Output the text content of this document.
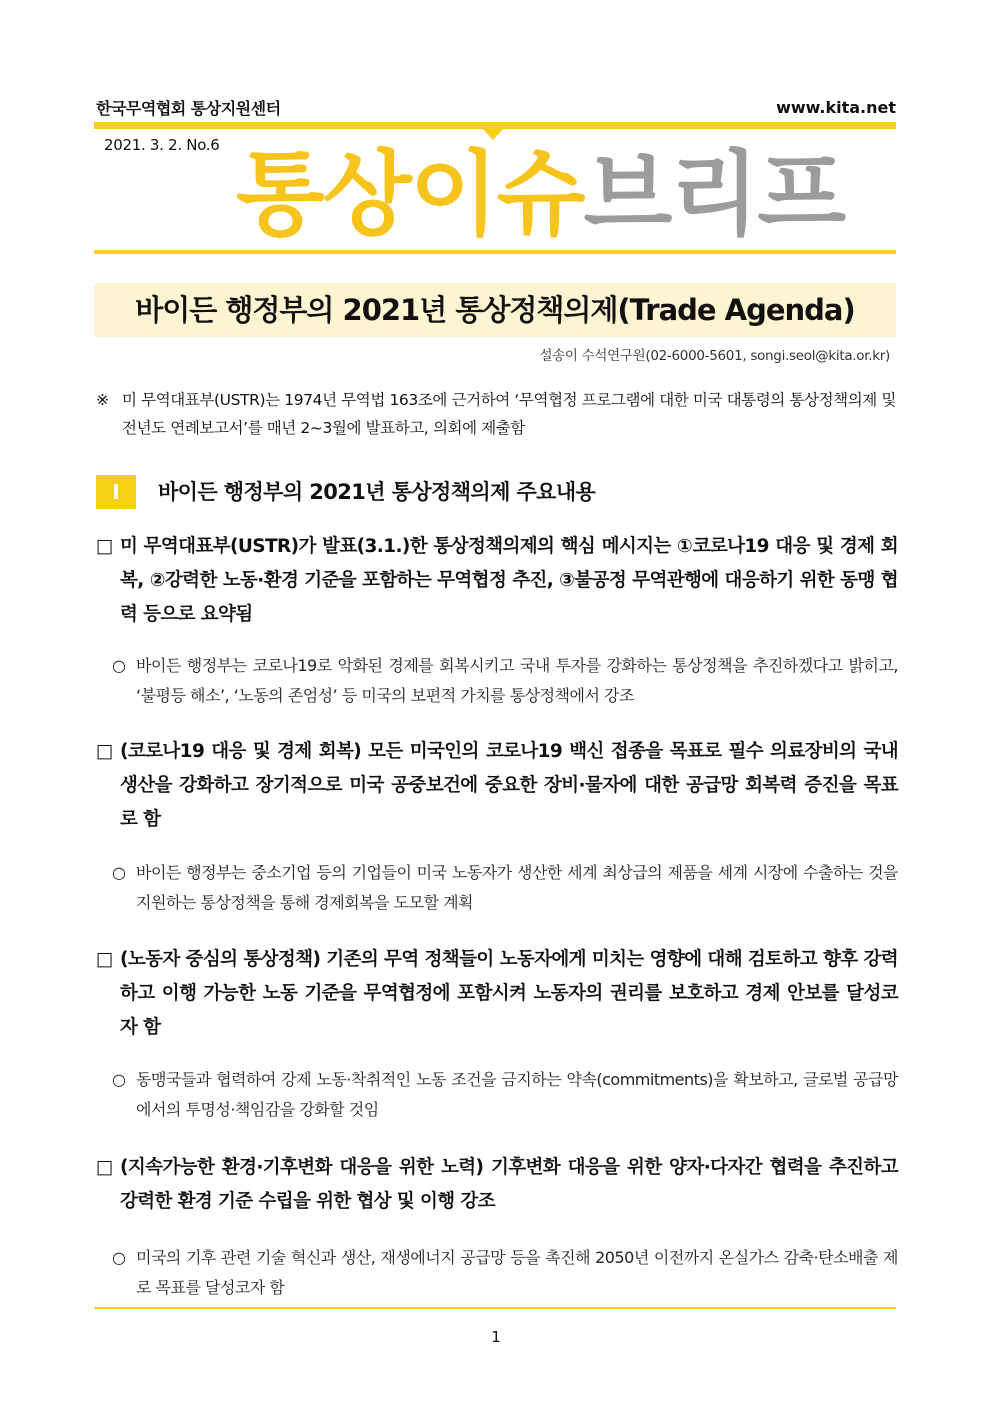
한국무역협회 통상지원센터	www.kita.net
2021. 3. 2. No.6 통상이슈브리프
바이든 행정부의 2021년 통상정책의제(Trade Agenda)
설송이 수석연구원(02-6000-5601, songi.seol@kita.or.kr)
※ 미 무역대표부(USTR)는 1974년 무역법 163조에 근거하여 ‘무역협정 프로그램에 대한 미국 대통령의 통상정책의제 및 전년도 연례보고서’를 매년 2~3월에 발표하고, 의회에 제출함
Ⅰ	바이든 행정부의 2021년 통상정책의제 주요내용
□ 미 무역대표부(USTR)가 발표(3.1.)한 통상정책의제의 핵심 메시지는 ①코로나19 대응 및 경제 회복, ②강력한 노동·환경 기준을 포함하는 무역협정 추진, ③불공정 무역관행에 대응하기 위한 동맹 협력 등으로 요약됨
○ 바이든 행정부는 코로나19로 악화된 경제를 회복시키고 국내 투자를 강화하는 통상정책을 추진하겠다고 밝히고, ‘불평등 해소’, ‘노동의 존엄성’ 등 미국의 보편적 가치를 통상정책에서 강조
□ (코로나19 대응 및 경제 회복) 모든 미국인의 코로나19 백신 접종을 목표로 필수 의료장비의 국내 생산을 강화하고 장기적으로 미국 공중보건에 중요한 장비·물자에 대한 공급망 회복력 증진을 목표로 함
○ 바이든 행정부는 중소기업 등의 기업들이 미국 노동자가 생산한 세계 최상급의 제품을 세계 시장에 수출하는 것을 지원하는 통상정책을 통해 경제회복을 도모할 계획
□ (노동자 중심의 통상정책) 기존의 무역 정책들이 노동자에게 미치는 영향에 대해 검토하고 향후 강력하고 이행 가능한 노동 기준을 무역협정에 포함시켜 노동자의 권리를 보호하고 경제 안보를 달성코자 함
○ 동맹국들과 협력하여 강제 노동·착취적인 노동 조건을 금지하는 약속(commitments)을 확보하고, 글로벌 공급망에서의 투명성·책임감을 강화할 것임
□ (지속가능한 환경·기후변화 대응을 위한 노력) 기후변화 대응을 위한 양자·다자간 협력을 추진하고 강력한 환경 기준 수립을 위한 협상 및 이행 강조
○ 미국의 기후 관련 기술 혁신과 생산, 재생에너지 공급망 등을 촉진해 2050년 이전까지 온실가스 감축·탄소배출 제로 목표를 달성코자 함
1
